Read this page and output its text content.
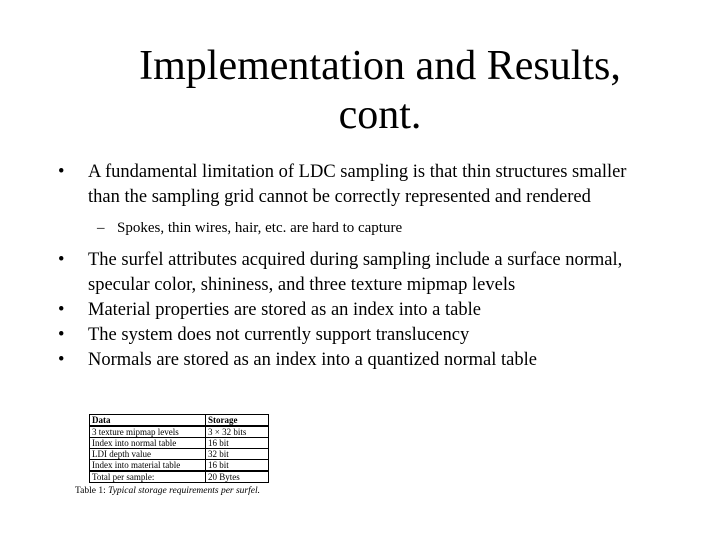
Implementation and Results,
cont.
• A fundamental limitation of LDC sampling is that thin structures smaller than the sampling grid cannot be correctly represented and rendered
– Spokes, thin wires, hair, etc. are hard to capture
• The surfel attributes acquired during sampling include a surface normal, specular color, shininess, and three texture mipmap levels
• Material properties are stored as an index into a table
• The system does not currently support translucency
• Normals are stored as an index into a quantized normal table
Data	Storage
3 texture mipmap levels	3 × 32 bits
Index into normal table	16 bit
LDI depth value	32 bit
Index into material table	16 bit
Total per sample:	20 Bytes
Table 1: Typical storage requirements per surfel.
